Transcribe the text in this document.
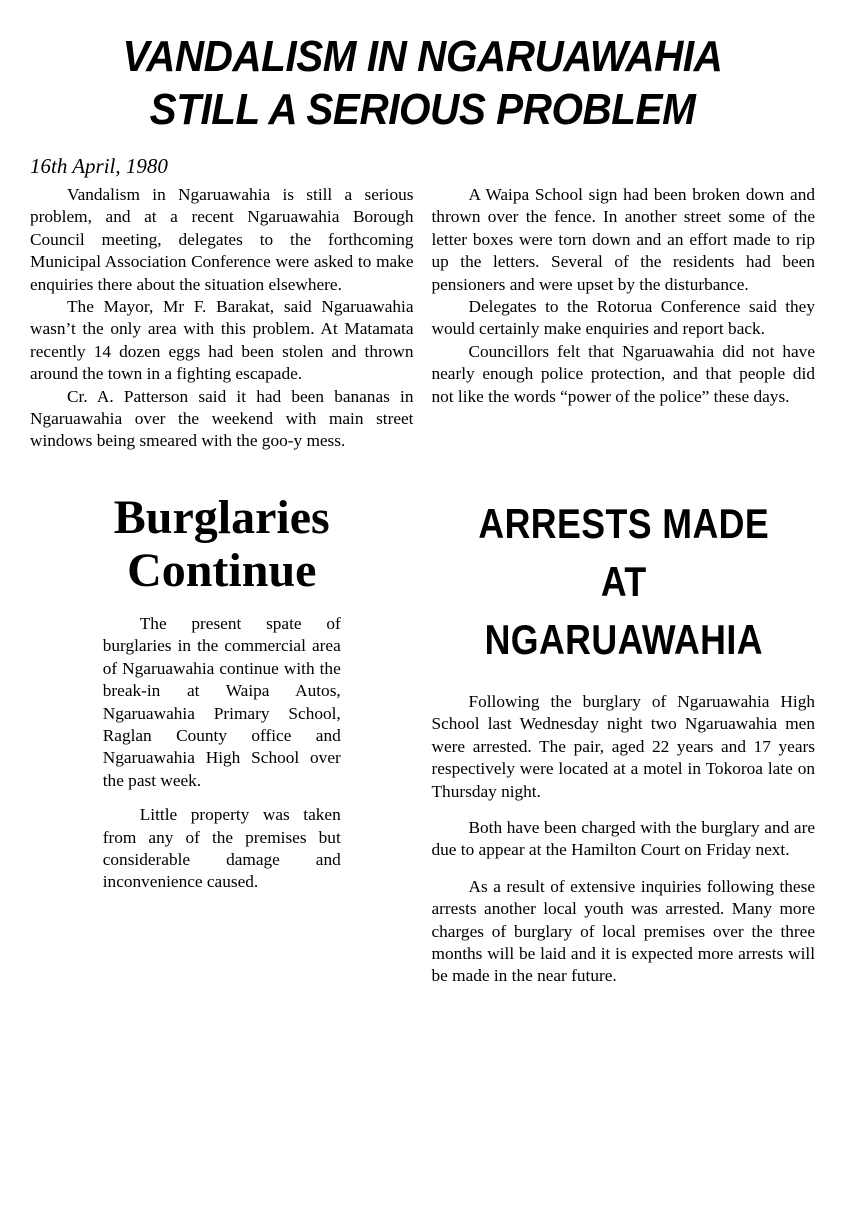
VANDALISM IN NGARUAWAHIA
STILL A SERIOUS PROBLEM
16th April, 1980

Vandalism in Ngaruawahia is still a serious problem, and at a recent Ngaruawahia Borough Council meeting, delegates to the forthcoming Municipal Association Conference were asked to make enquiries there about the situation elsewhere.

The Mayor, Mr F. Barakat, said Ngaruawahia wasn’t the only area with this problem. At Matamata recently 14 dozen eggs had been stolen and thrown around the town in a fighting escapade.

Cr. A. Patterson said it had been bananas in Ngaruawahia over the weekend with main street windows being smeared with the goo-y mess.

A Waipa School sign had been broken down and thrown over the fence. In another street some of the letter boxes were torn down and an effort made to rip up the letters. Several of the residents had been pensioners and were upset by the disturbance.

Delegates to the Rotorua Conference said they would certainly make enquiries and report back.

Councillors felt that Ngaruawahia did not have nearly enough police protection, and that people did not like the words “power of the police” these days.

Burglaries
Continue

The present spate of burglaries in the commercial area of Ngaruawahia continue with the break-in at Waipa Autos, Ngaruawahia Primary School, Raglan County office and Ngaruawahia High School over the past week.

Little property was taken from any of the premises but considerable damage and inconvenience caused.

ARRESTS MADE AT
NGARUAWAHIA

Following the burglary of Ngaruawahia High School last Wednesday night two Ngaruawahia men were arrested. The pair, aged 22 years and 17 years respectively were located at a motel in Tokoroa late on Thursday night.

Both have been charged with the burglary and are due to appear at the Hamilton Court on Friday next.

As a result of extensive inquiries following these arrests another local youth was arrested. Many more charges of burglary of local premises over the three months will be laid and it is expected more arrests will be made in the near future.
